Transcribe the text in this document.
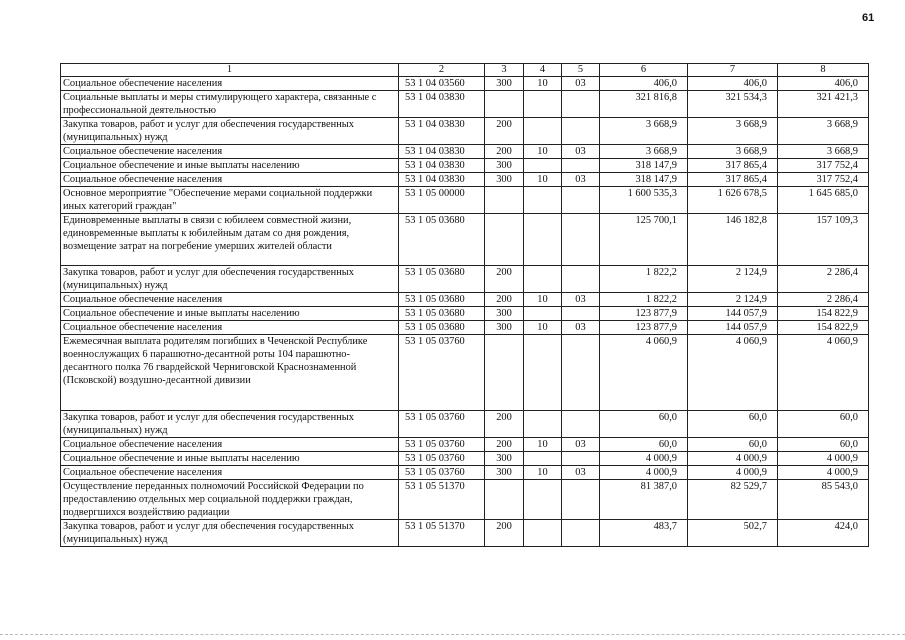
61
1	2	3	4	5	6	7	8
Социальное обеспечение населения	53 1 04 03560	300	10	03	406,0	406,0	406,0
Социальные выплаты и меры стимулирующего характера, связанные с профессиональной деятельностью	53 1 04 03830				321 816,8	321 534,3	321 421,3
Закупка товаров, работ и услуг для обеспечения государственных (муниципальных) нужд	53 1 04 03830	200			3 668,9	3 668,9	3 668,9
Социальное обеспечение населения	53 1 04 03830	200	10	03	3 668,9	3 668,9	3 668,9
Социальное обеспечение и иные выплаты населению	53 1 04 03830	300			318 147,9	317 865,4	317 752,4
Социальное обеспечение населения	53 1 04 03830	300	10	03	318 147,9	317 865,4	317 752,4
Основное мероприятие "Обеспечение мерами социальной поддержки иных категорий граждан"	53 1 05 00000				1 600 535,3	1 626 678,5	1 645 685,0
Единовременные выплаты в связи с юбилеем совместной жизни, единовременные выплаты к юбилейным датам со дня рождения, возмещение затрат на погребение умерших жителей области	53 1 05 03680				125 700,1	146 182,8	157 109,3
Закупка товаров, работ и услуг для обеспечения государственных (муниципальных) нужд	53 1 05 03680	200			1 822,2	2 124,9	2 286,4
Социальное обеспечение населения	53 1 05 03680	200	10	03	1 822,2	2 124,9	2 286,4
Социальное обеспечение и иные выплаты населению	53 1 05 03680	300			123 877,9	144 057,9	154 822,9
Социальное обеспечение населения	53 1 05 03680	300	10	03	123 877,9	144 057,9	154 822,9
Ежемесячная выплата родителям погибших в Чеченской Республике военнослужащих 6 парашютно-десантной роты 104 парашютно-десантного полка 76 гвардейской Черниговской Краснознаменной (Псковской) воздушно-десантной дивизии	53 1 05 03760				4 060,9	4 060,9	4 060,9
Закупка товаров, работ и услуг для обеспечения государственных (муниципальных) нужд	53 1 05 03760	200			60,0	60,0	60,0
Социальное обеспечение населения	53 1 05 03760	200	10	03	60,0	60,0	60,0
Социальное обеспечение и иные выплаты населению	53 1 05 03760	300			4 000,9	4 000,9	4 000,9
Социальное обеспечение населения	53 1 05 03760	300	10	03	4 000,9	4 000,9	4 000,9
Осуществление переданных полномочий Российской Федерации по предоставлению отдельных мер социальной поддержки граждан, подвергшихся воздействию радиации	53 1 05 51370				81 387,0	82 529,7	85 543,0
Закупка товаров, работ и услуг для обеспечения государственных (муниципальных) нужд	53 1 05 51370	200			483,7	502,7	424,0
